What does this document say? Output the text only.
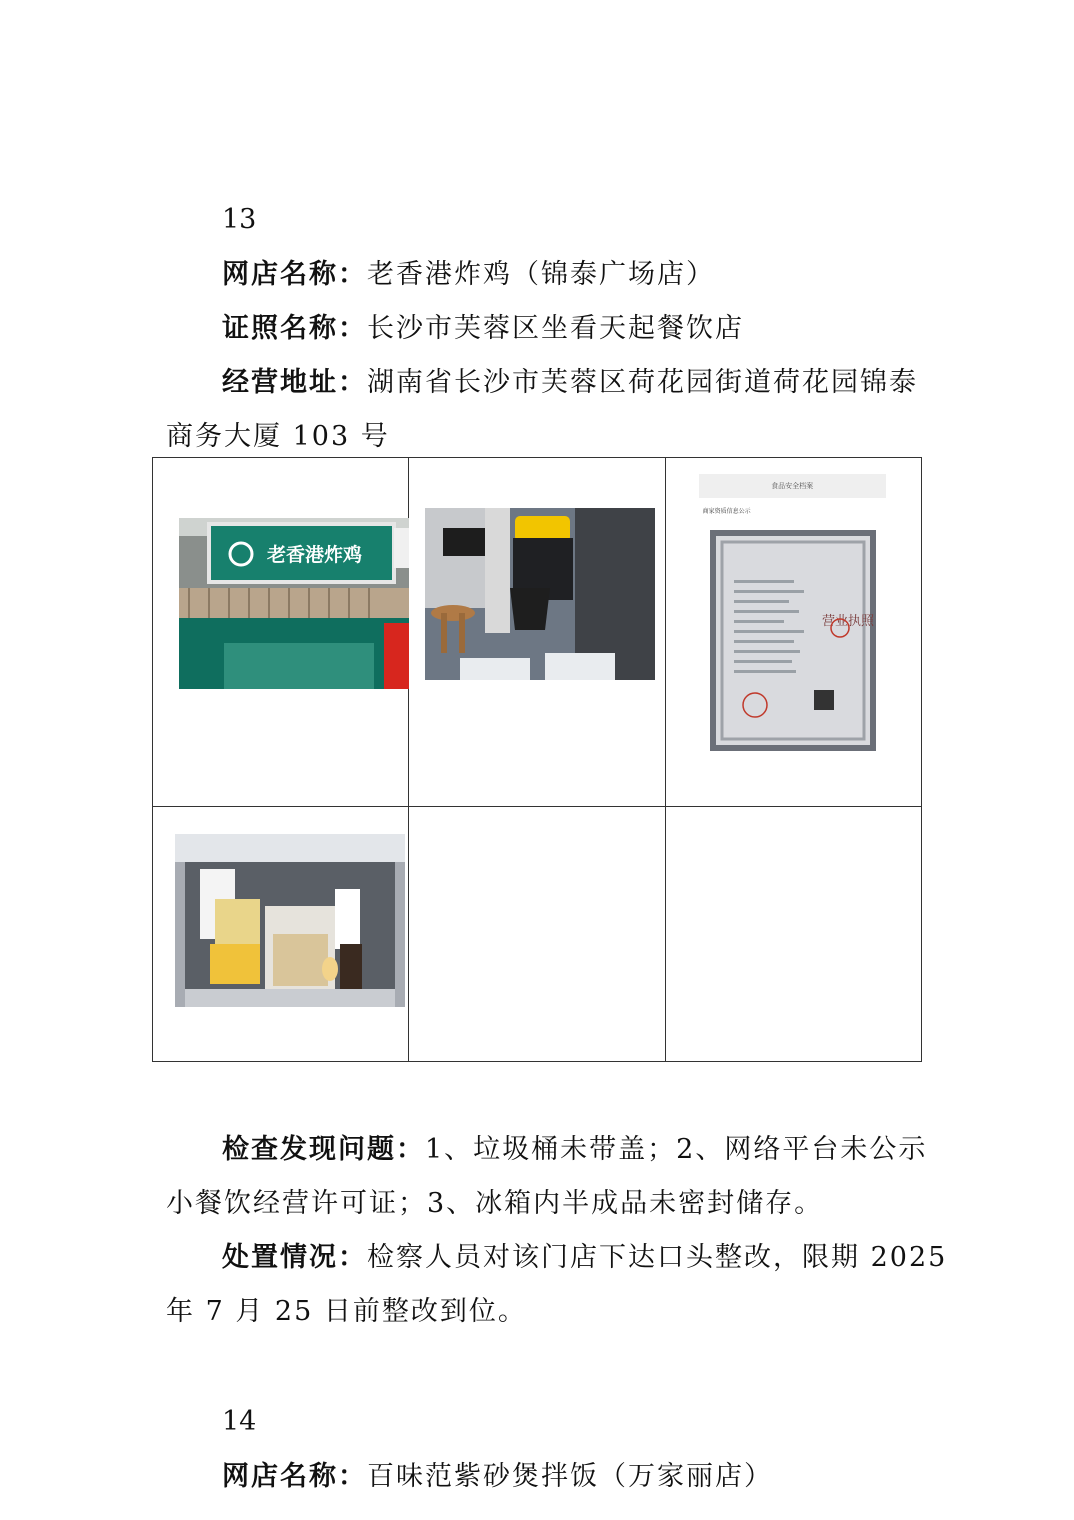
13
网店名称：老香港炸鸡（锦泰广场店）
证照名称：长沙市芙蓉区坐看天起餐饮店
经营地址：湖南省长沙市芙蓉区荷花园街道荷花园锦泰
商务大厦 103 号
老香港炸鸡		食品安全档案
商家资质信息公示
营业执照

检查发现问题：1、垃圾桶未带盖；2、网络平台未公示
小餐饮经营许可证；3、冰箱内半成品未密封储存。
处置情况：检察人员对该门店下达口头整改，限期 2025
年 7 月 25 日前整改到位。
14
网店名称：百味范紫砂煲拌饭（万家丽店）
